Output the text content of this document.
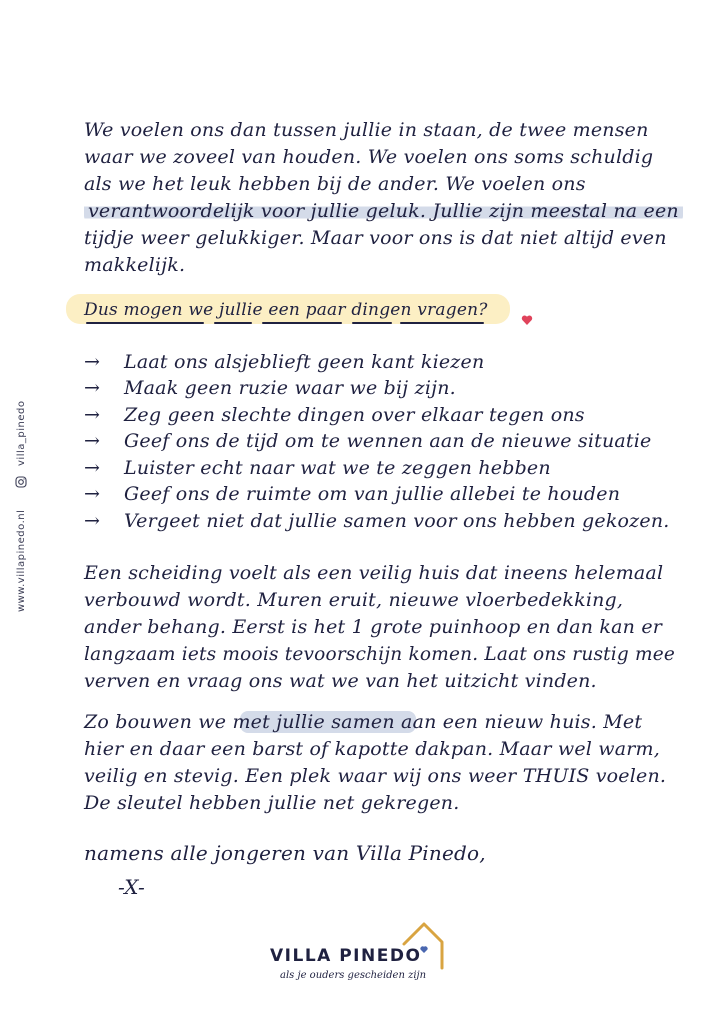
We voelen ons dan tussen jullie in staan, de twee mensen
waar we zoveel van houden. We voelen ons soms schuldig
als we het leuk hebben bij de ander. We voelen ons
verantwoordelijk voor jullie geluk. Jullie zijn meestal na een
tijdje weer gelukkiger. Maar voor ons is dat niet altijd even
makkelijk.

Dus mogen we jullie een paar dingen vragen?

→	Laat ons alsjeblieft geen kant kiezen
→	Maak geen ruzie waar we bij zijn.
→	Zeg geen slechte dingen over elkaar tegen ons
→	Geef ons de tijd om te wennen aan de nieuwe situatie
→	Luister echt naar wat we te zeggen hebben
→	Geef ons de ruimte om van jullie allebei te houden
→	Vergeet niet dat jullie samen voor ons hebben gekozen.
Een scheiding voelt als een veilig huis dat ineens helemaal
verbouwd wordt. Muren eruit, nieuwe vloerbedekking,
ander behang. Eerst is het 1 grote puinhoop en dan kan er
langzaam iets moois tevoorschijn komen. Laat ons rustig mee
verven en vraag ons wat we van het uitzicht vinden.
Zo bouwen we met jullie samen aan een nieuw huis. Met
hier en daar een barst of kapotte dakpan. Maar wel warm,
veilig en stevig. Een plek waar wij ons weer THUIS voelen.
De sleutel hebben jullie net gekregen.
namens alle jongeren van Villa Pinedo,
-X-
www.villapinedo.nl
villa_pinedo
VILLA PINEDO
als je ouders gescheiden zijn
